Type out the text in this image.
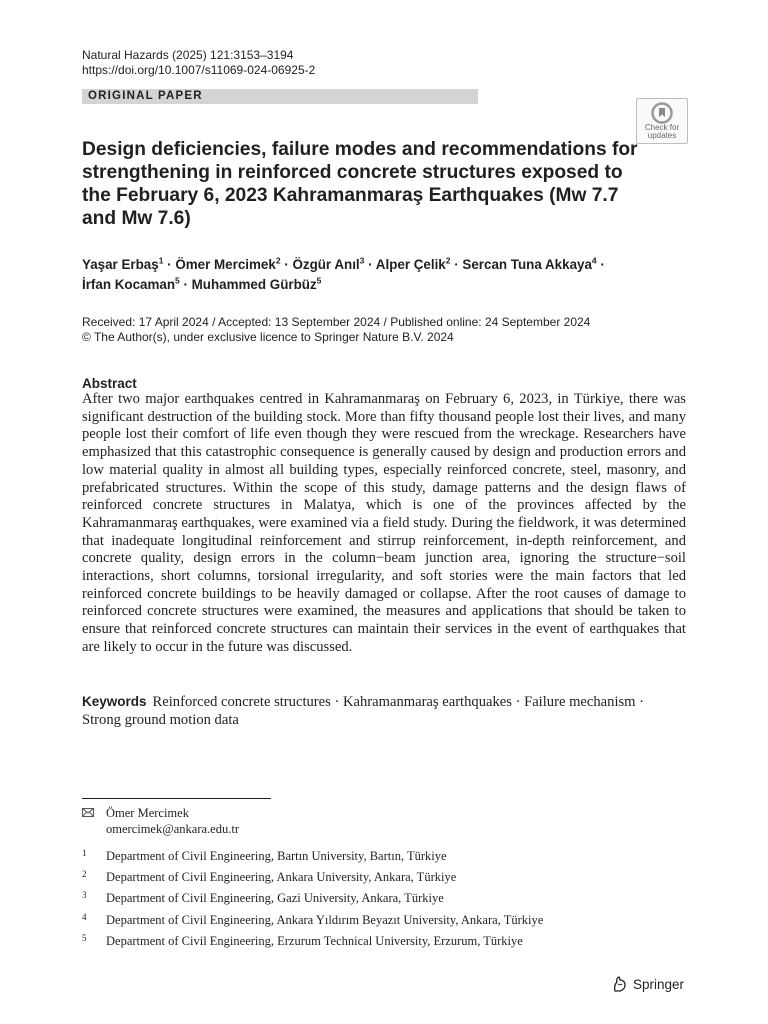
Natural Hazards (2025) 121:3153–3194
https://doi.org/10.1007/s11069-024-06925-2
ORIGINAL PAPER
Check for
updates
Design deficiencies, failure modes and recommendations for strengthening in reinforced concrete structures exposed to the February 6, 2023 Kahramanmaraş Earthquakes (Mw 7.7 and Mw 7.6)
Yaşar Erbaş$^1$ · Ömer Mercimek$^2$ · Özgür Anıl$^3$ · Alper Çelik$^2$ · Sercan Tuna Akkaya$^4$ ·
İrfan Kocaman$^5$ · Muhammed Gürbüz$^5$
Received: 17 April 2024 / Accepted: 13 September 2024 / Published online: 24 September 2024
© The Author(s), under exclusive licence to Springer Nature B.V. 2024
Abstract
After two major earthquakes centred in Kahramanmaraş on February 6, 2023, in Türkiye, there was significant destruction of the building stock. More than fifty thousand people lost their lives, and many people lost their comfort of life even though they were rescued from the wreckage. Researchers have emphasized that this catastrophic consequence is generally caused by design and production errors and low material quality in almost all building types, especially reinforced concrete, steel, masonry, and prefabricated structures. Within the scope of this study, damage patterns and the design flaws of reinforced concrete structures in Malatya, which is one of the provinces affected by the Kahramanmaraş earthquakes, were examined via a field study. During the fieldwork, it was determined that inadequate longitudinal reinforcement and stirrup reinforcement, in-depth reinforcement, and concrete quality, design errors in the column−beam junction area, ignoring the structure−soil interactions, short columns, torsional irregularity, and soft stories were the main factors that led reinforced concrete buildings to be heavily damaged or collapse. After the root causes of damage to reinforced concrete structures were examined, the measures and applications that should be taken to ensure that reinforced concrete structures can maintain their services in the event of earthquakes that are likely to occur in the future was discussed.
Keywords Reinforced concrete structures · Kahramanmaraş earthquakes · Failure mechanism · Strong ground motion data
Ömer Mercimek
omercimek@ankara.edu.tr
1 Department of Civil Engineering, Bartın University, Bartın, Türkiye
2 Department of Civil Engineering, Ankara University, Ankara, Türkiye
3 Department of Civil Engineering, Gazi University, Ankara, Türkiye
4 Department of Civil Engineering, Ankara Yıldırım Beyazıt University, Ankara, Türkiye
5 Department of Civil Engineering, Erzurum Technical University, Erzurum, Türkiye
Springer
